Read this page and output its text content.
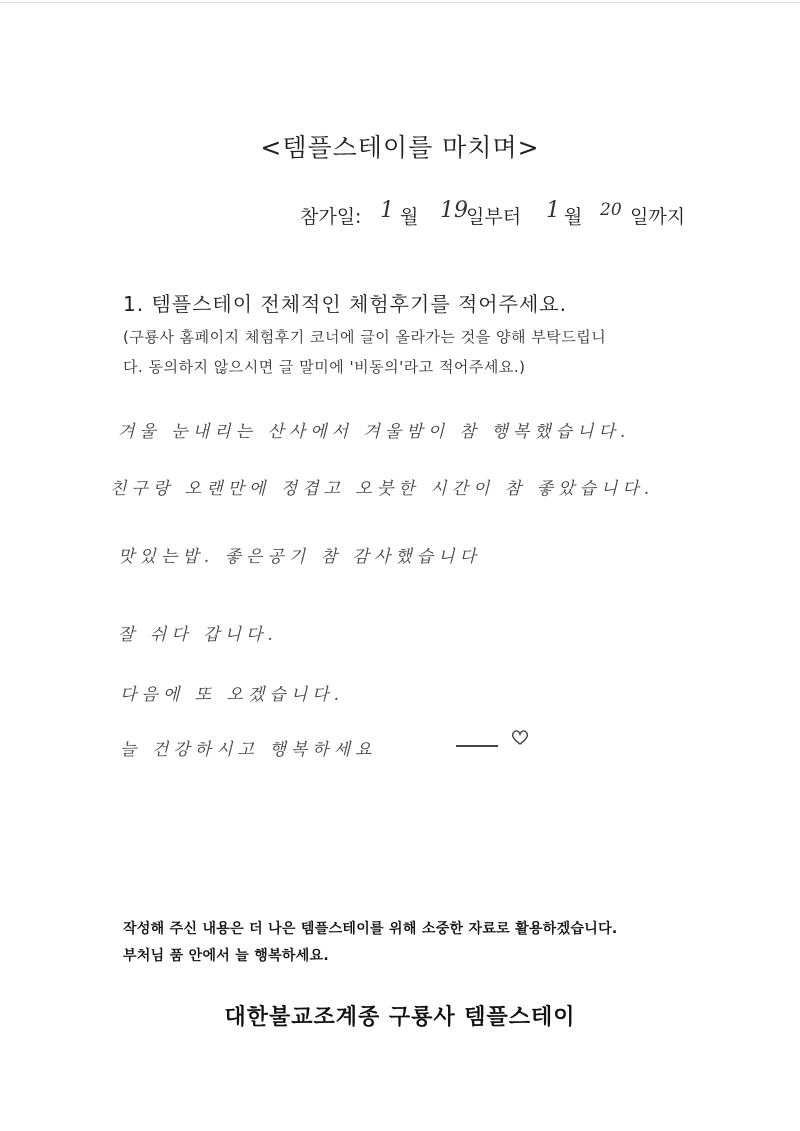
<템플스테이를 마치며>
참가일: 1 월 19
일부터 1 월 20 일까지
1. 템플스테이 전체적인 체험후기를 적어주세요.
(구룡사 홈페이지 체험후기 코너에 글이 올라가는 것을 양해 부탁드립니
다. 동의하지 않으시면 글 말미에 '비동의'라고 적어주세요.)
겨울 눈내리는 산사에서 겨울밤이 참 행복했습니다.
친구랑 오랜만에 정겹고 오붓한 시간이 참 좋았습니다.
맛있는밥. 좋은공기 참 감사했습니다
잘 쉬다 갑니다.
다음에 또 오겠습니다.
늘 건강하시고 행복하세요
작성해 주신 내용은 더 나은 템플스테이를 위해 소중한 자료로 활용하겠습니다.
부처님 품 안에서 늘 행복하세요.
대한불교조계종 구룡사 템플스테이
